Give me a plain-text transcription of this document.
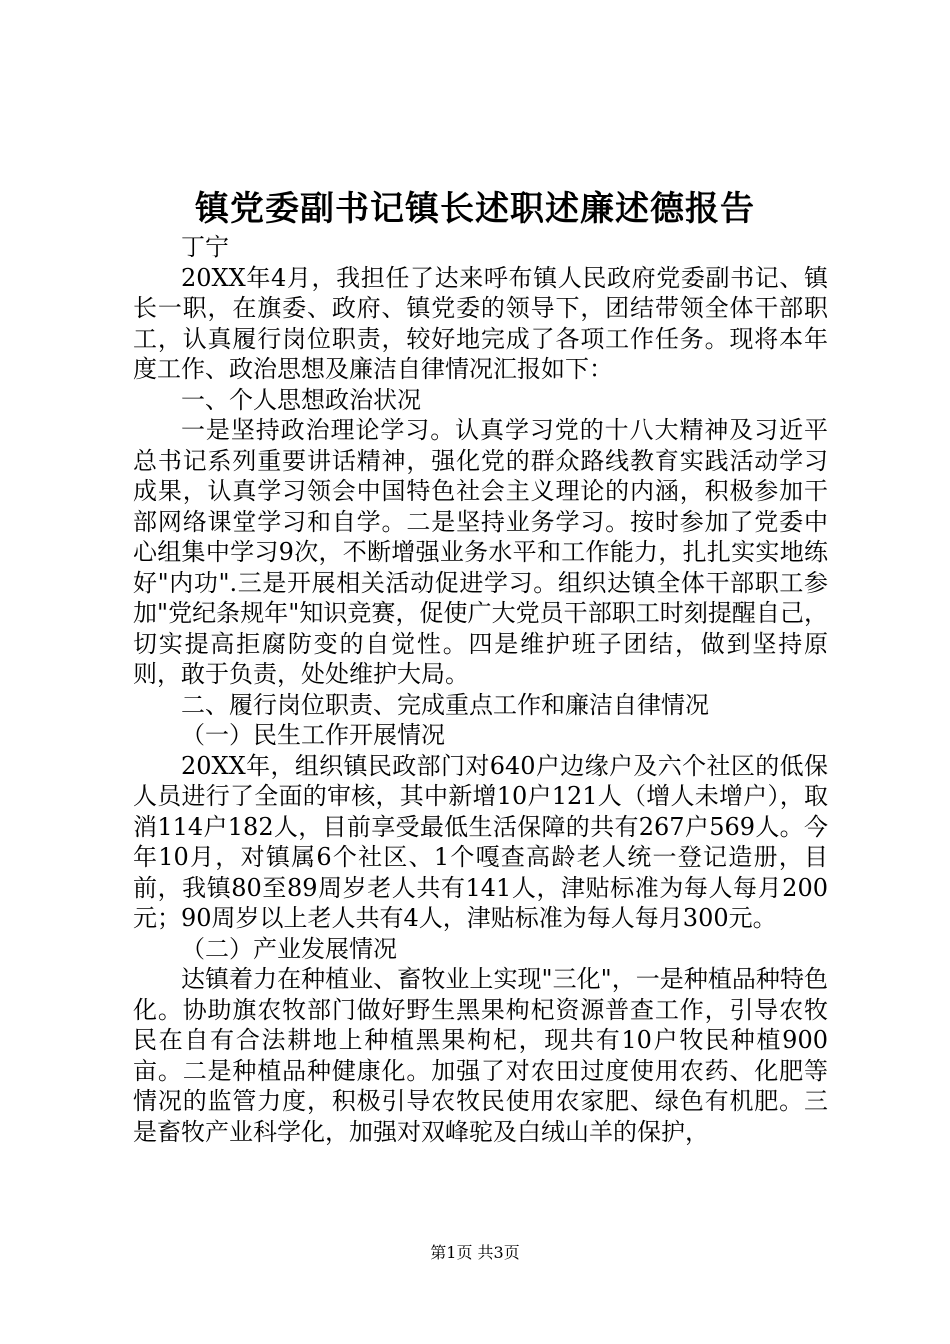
镇党委副书记镇长述职述廉述德报告

丁宁

20XX年4月，我担任了达来呼布镇人民政府党委副书记、镇长一职，在旗委、政府、镇党委的领导下，团结带领全体干部职工，认真履行岗位职责，较好地完成了各项工作任务。现将本年度工作、政治思想及廉洁自律情况汇报如下：

一、个人思想政治状况

一是坚持政治理论学习。认真学习党的十八大精神及习近平总书记系列重要讲话精神，强化党的群众路线教育实践活动学习成果，认真学习领会中国特色社会主义理论的内涵，积极参加干部网络课堂学习和自学。二是坚持业务学习。按时参加了党委中心组集中学习9次，不断增强业务水平和工作能力，扎扎实实地练好"内功".三是开展相关活动促进学习。组织达镇全体干部职工参加"党纪条规年"知识竞赛，促使广大党员干部职工时刻提醒自己，切实提高拒腐防变的自觉性。四是维护班子团结，做到坚持原则，敢于负责，处处维护大局。

二、履行岗位职责、完成重点工作和廉洁自律情况

（一）民生工作开展情况

20XX年，组织镇民政部门对640户边缘户及六个社区的低保人员进行了全面的审核，其中新增10户121人（增人未增户），取消114户182人，目前享受最低生活保障的共有267户569人。今年10月，对镇属6个社区、1个嘎查高龄老人统一登记造册，目前，我镇80至89周岁老人共有141人，津贴标准为每人每月200元；90周岁以上老人共有4人，津贴标准为每人每月300元。

（二）产业发展情况

达镇着力在种植业、畜牧业上实现"三化"，一是种植品种特色化。协助旗农牧部门做好野生黑果枸杞资源普查工作，引导农牧民在自有合法耕地上种植黑果枸杞，现共有10户牧民种植900亩。二是种植品种健康化。加强了对农田过度使用农药、化肥等情况的监管力度，积极引导农牧民使用农家肥、绿色有机肥。三是畜牧产业科学化，加强对双峰驼及白绒山羊的保护，

第1页 共3页
